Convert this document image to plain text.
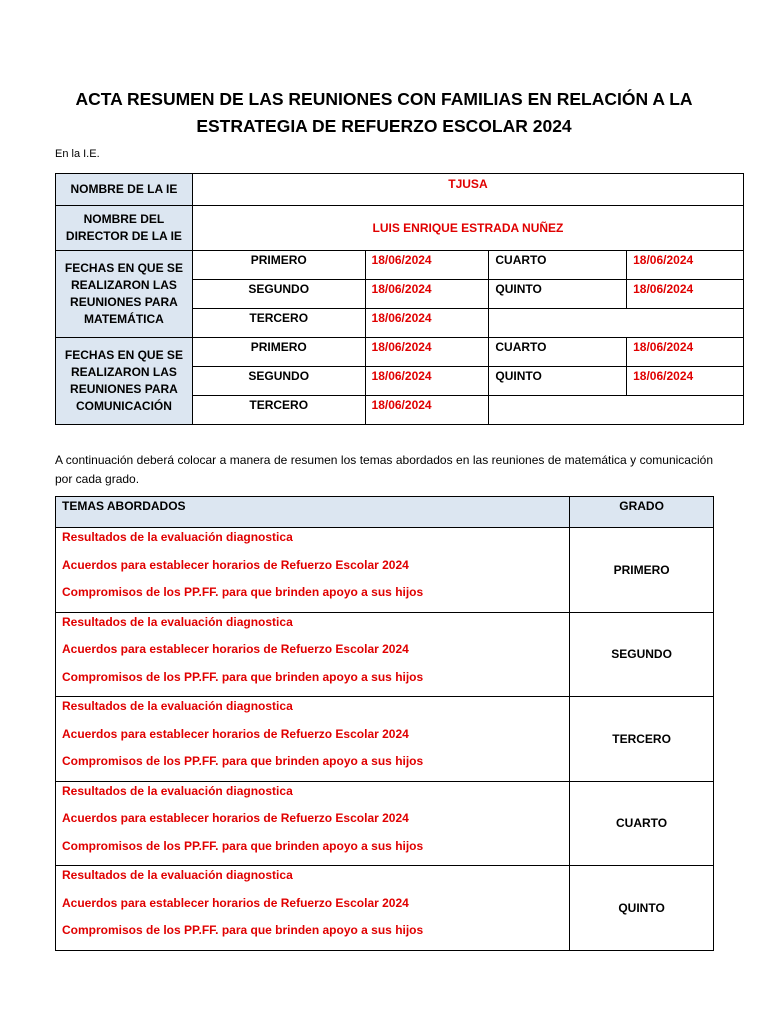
ACTA RESUMEN DE LAS REUNIONES CON FAMILIAS EN RELACIÓN A LA ESTRATEGIA DE REFUERZO ESCOLAR 2024
En la I.E.
NOMBRE DE LA IE	TJUSA			
NOMBRE DEL DIRECTOR DE LA IE	LUIS ENRIQUE ESTRADA NUÑEZ			
FECHAS EN QUE SE REALIZARON LAS REUNIONES PARA MATEMÁTICA	PRIMERO	18/06/2024	CUARTO	18/06/2024
	SEGUNDO	18/06/2024	QUINTO	18/06/2024
	TERCERO	18/06/2024		
FECHAS EN QUE SE REALIZARON LAS REUNIONES PARA COMUNICACIÓN	PRIMERO	18/06/2024	CUARTO	18/06/2024
	SEGUNDO	18/06/2024	QUINTO	18/06/2024
	TERCERO	18/06/2024		
A continuación deberá colocar a manera de resumen los temas abordados en las reuniones de matemática y comunicación por cada grado.
TEMAS ABORDADOS	GRADO

Resultados de la evaluación diagnostica
Acuerdos para establecer horarios de Refuerzo Escolar 2024
Compromisos de los PP.FF. para que brinden apoyo a sus hijos	PRIMERO

Resultados de la evaluación diagnostica
Acuerdos para establecer horarios de Refuerzo Escolar 2024
Compromisos de los PP.FF. para que brinden apoyo a sus hijos	SEGUNDO

Resultados de la evaluación diagnostica
Acuerdos para establecer horarios de Refuerzo Escolar 2024
Compromisos de los PP.FF. para que brinden apoyo a sus hijos	TERCERO

Resultados de la evaluación diagnostica
Acuerdos para establecer horarios de Refuerzo Escolar 2024
Compromisos de los PP.FF. para que brinden apoyo a sus hijos	CUARTO

Resultados de la evaluación diagnostica
Acuerdos para establecer horarios de Refuerzo Escolar 2024
Compromisos de los PP.FF. para que brinden apoyo a sus hijos	QUINTO
